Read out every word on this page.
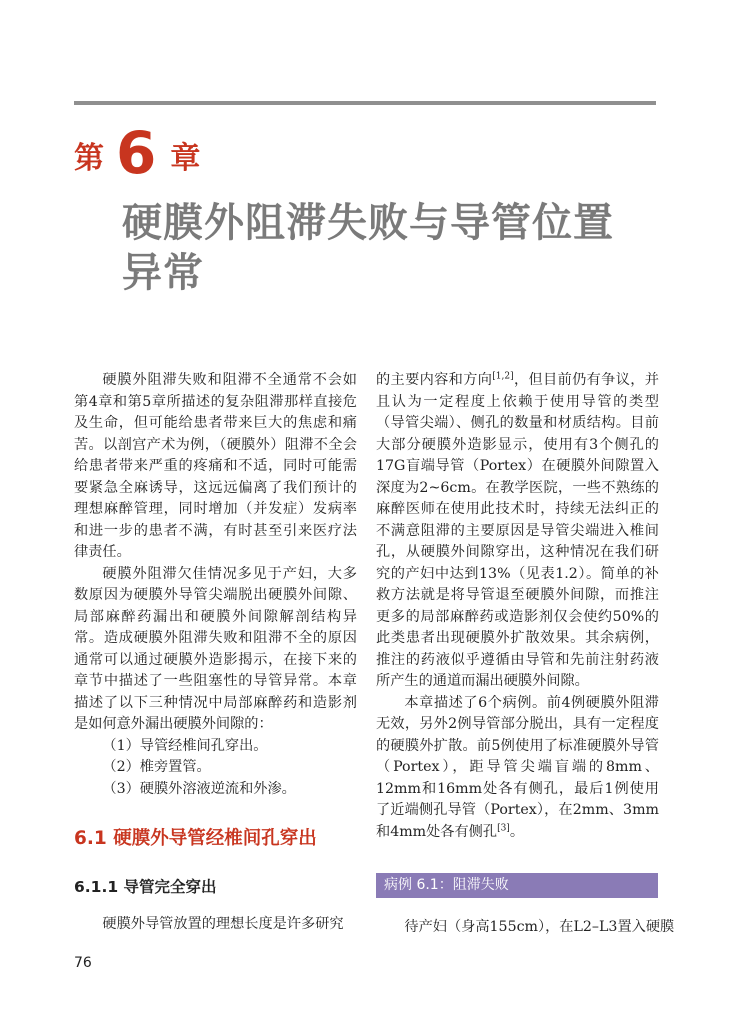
第 6 章
硬膜外阻滞失败与导管位置异常

硬膜外阻滞失败和阻滞不全通常不会如第4章和第5章所描述的复杂阻滞那样直接危及生命，但可能给患者带来巨大的焦虑和痛苦。以剖宫产术为例，（硬膜外）阻滞不全会给患者带来严重的疼痛和不适，同时可能需要紧急全麻诱导，这远远偏离了我们预计的理想麻醉管理，同时增加（并发症）发病率和进一步的患者不满，有时甚至引来医疗法律责任。

硬膜外阻滞欠佳情况多见于产妇，大多数原因为硬膜外导管尖端脱出硬膜外间隙、局部麻醉药漏出和硬膜外间隙解剖结构异常。造成硬膜外阻滞失败和阻滞不全的原因通常可以通过硬膜外造影揭示，在接下来的章节中描述了一些阻塞性的导管异常。本章描述了以下三种情况中局部麻醉药和造影剂是如何意外漏出硬膜外间隙的：

（1）导管经椎间孔穿出。
（2）椎旁置管。
（3）硬膜外溶液逆流和外渗。
6.1 硬膜外导管经椎间孔穿出
6.1.1 导管完全穿出

硬膜外导管放置的理想长度是许多研究

的主要内容和方向[1,2]，但目前仍有争议，并且认为一定程度上依赖于使用导管的类型（导管尖端）、侧孔的数量和材质结构。目前大部分硬膜外造影显示，使用有3个侧孔的17G盲端导管（Portex）在硬膜外间隙置入深度为2~6cm。在教学医院，一些不熟练的麻醉医师在使用此技术时，持续无法纠正的不满意阻滞的主要原因是导管尖端进入椎间孔，从硬膜外间隙穿出，这种情况在我们研究的产妇中达到13%（见表1.2）。简单的补救方法就是将导管退至硬膜外间隙，而推注更多的局部麻醉药或造影剂仅会使约50%的此类患者出现硬膜外扩散效果。其余病例，推注的药液似乎遵循由导管和先前注射药液所产生的通道而漏出硬膜外间隙。

本章描述了6个病例。前4例硬膜外阻滞无效，另外2例导管部分脱出，具有一定程度的硬膜外扩散。前5例使用了标准硬膜外导管（Portex），距导管尖端盲端的8mm、12mm和16mm处各有侧孔，最后1例使用了近端侧孔导管（Portex），在2mm、3mm和4mm处各有侧孔[3]。

病例 6.1：阻滞失败

待产妇（身高155cm），在L2–L3置入硬膜

76
